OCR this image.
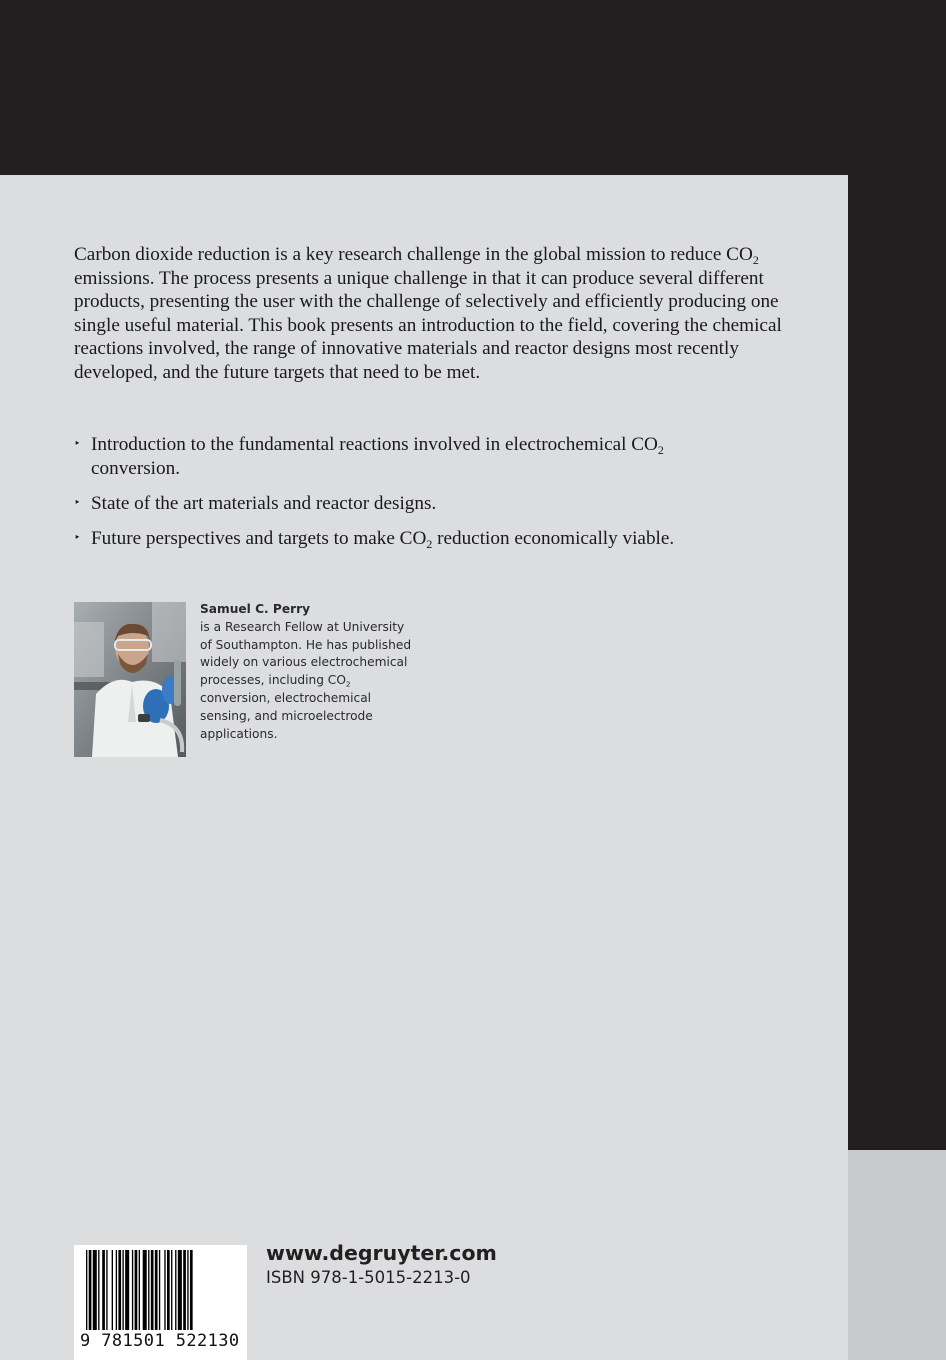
Carbon dioxide reduction is a key research challenge in the global mission to reduce $CO_2$ emissions. The process presents a unique challenge in that it can produce several different products, presenting the user with the challenge of selectively and efficiently producing one single useful material. This book presents an introduction to the field, covering the chemical reactions involved, the range of innovative materials and reactor designs most recently developed, and the future targets that need to be met.

‣ Introduction to the fundamental reactions involved in electrochemical $CO_2$
conversion.
‣ State of the art materials and reactor designs.
‣ Future perspectives and targets to make $CO_2$ reduction economically viable.
Samuel C. Perry
is a Research Fellow at University of Southampton. He has published widely on various electrochemical processes, including $CO_2$ conversion, electrochemical sensing, and microelectrode applications.
9 781501 522130
www.degruyter.com
ISBN 978-1-5015-2213-0
